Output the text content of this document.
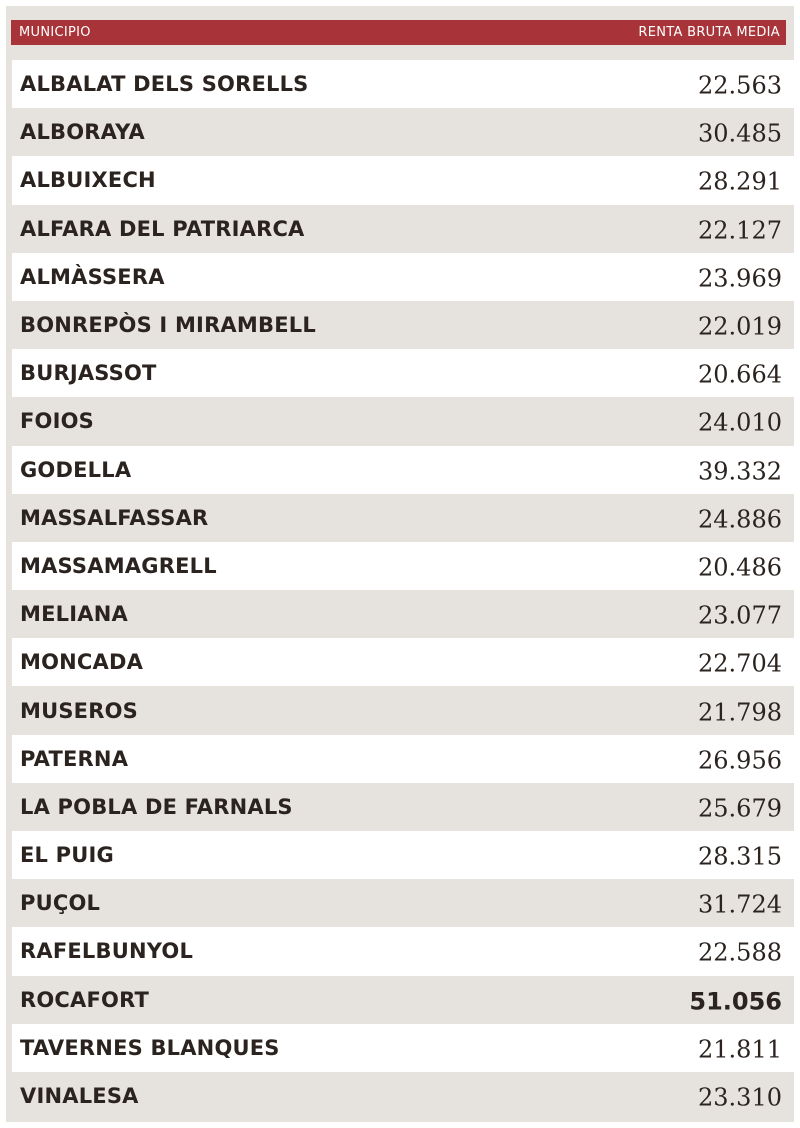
MUNICIPIO	RENTA BRUTA MEDIA
ALBALAT DELS SORELLS	22.563
ALBORAYA	30.485
ALBUIXECH	28.291
ALFARA DEL PATRIARCA	22.127
ALMÀSSERA	23.969
BONREPÒS I MIRAMBELL	22.019
BURJASSOT	20.664
FOIOS	24.010
GODELLA	39.332
MASSALFASSAR	24.886
MASSAMAGRELL	20.486
MELIANA	23.077
MONCADA	22.704
MUSEROS	21.798
PATERNA	26.956
LA POBLA DE FARNALS	25.679
EL PUIG	28.315
PUÇOL	31.724
RAFELBUNYOL	22.588
ROCAFORT	51.056
TAVERNES BLANQUES	21.811
VINALESA	23.310
